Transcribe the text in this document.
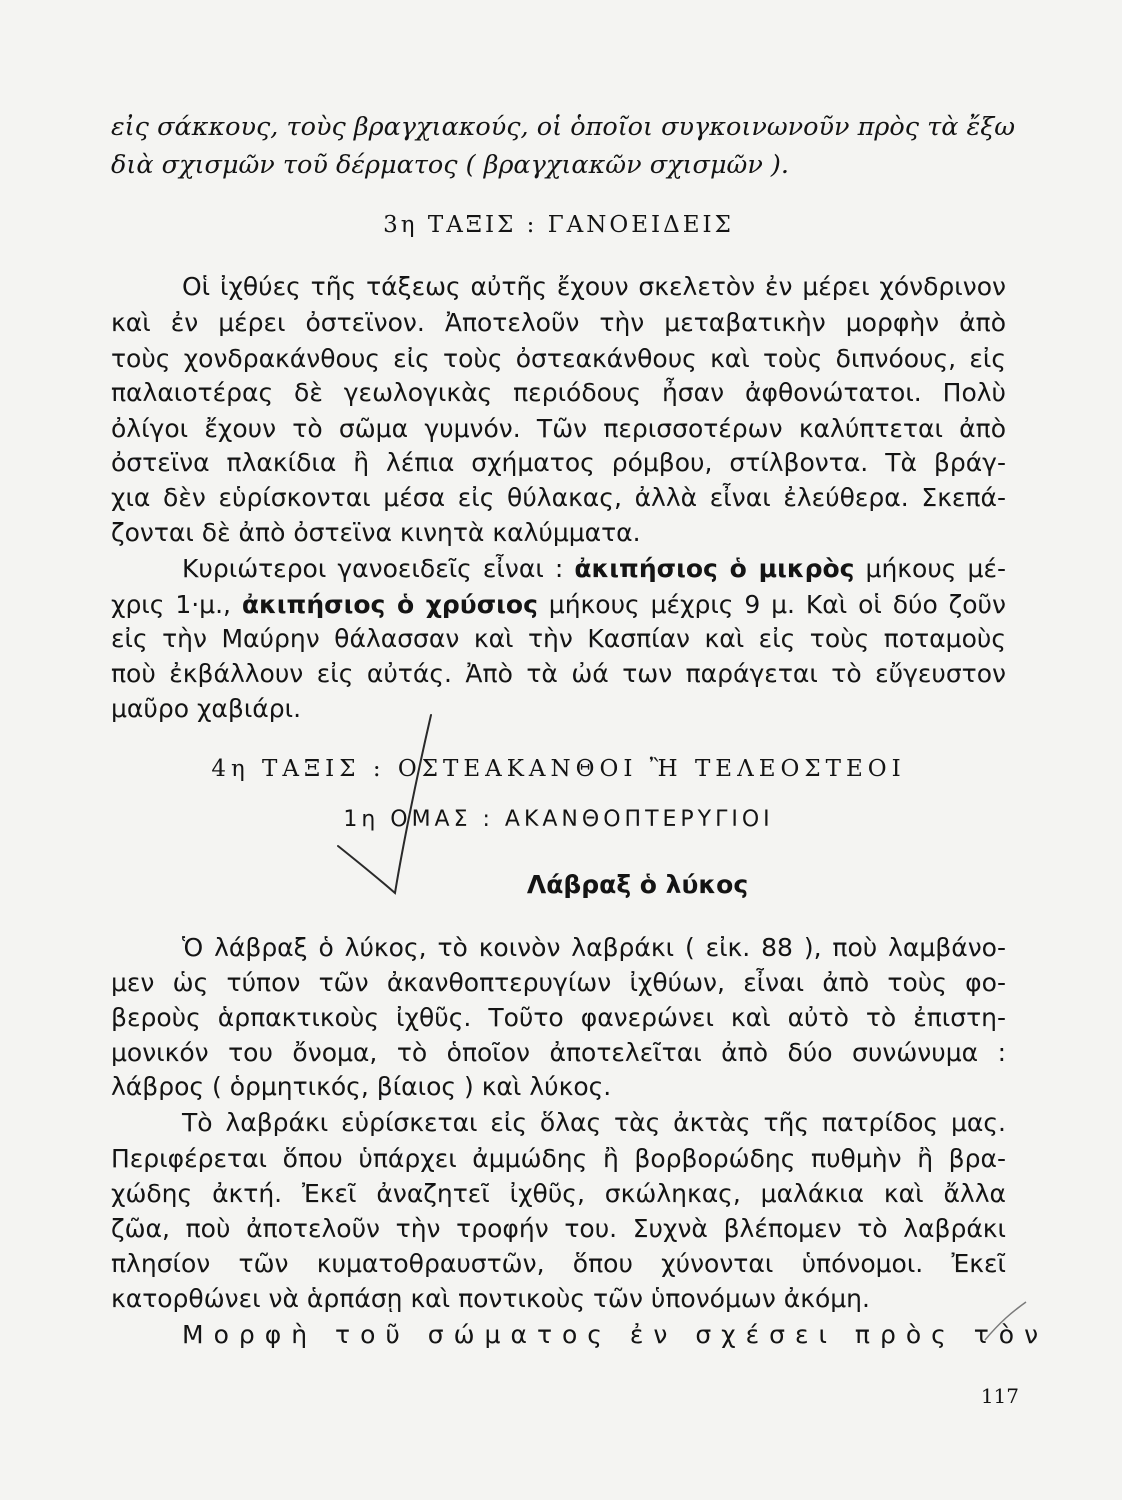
εἰς σάκκους, τοὺς βραγχιακούς, οἱ ὁποῖοι συγκοινωνοῦν πρὸς τὰ ἔξω
διὰ σχισμῶν τοῦ δέρματος ( βραγχιακῶν σχισμῶν ).
3η ΤΑΞΙΣ : ΓΑΝΟΕΙΔΕΙΣ
Οἱ ἰχθύες τῆς τάξεως αὐτῆς ἔχουν σκελετὸν ἐν μέρει χόνδρινον
καὶ ἐν μέρει ὀστεϊνον. Ἀποτελοῦν τὴν μεταβατικὴν μορφὴν ἀπὸ
τοὺς χονδρακάνθους εἰς τοὺς ὀστεακάνθους καὶ τοὺς διπνόους, εἰς
παλαιοτέρας δὲ γεωλογικὰς περιόδους ἦσαν ἀφθονώτατοι. Πολὺ
ὀλίγοι ἔχουν τὸ σῶμα γυμνόν. Τῶν περισσοτέρων καλύπτεται ἀπὸ
ὀστεϊνα πλακίδια ἢ λέπια σχήματος ρόμβου, στίλβοντα. Τὰ βράγ-
χια δὲν εὑρίσκονται μέσα εἰς θύλακας, ἀλλὰ εἶναι ἐλεύθερα. Σκεπά-
ζονται δὲ ἀπὸ ὀστεϊνα κινητὰ καλύμματα.
Κυριώτεροι γανοειδεῖς εἶναι : ἀκιπήσιος ὁ μικρὸς μήκους μέ-
χρις 1·μ., ἀκιπήσιος ὁ χρύσιος μήκους μέχρις 9 μ. Καὶ οἱ δύο ζοῦν
εἰς τὴν Μαύρην θάλασσαν καὶ τὴν Κασπίαν καὶ εἰς τοὺς ποταμοὺς
ποὺ ἐκβάλλουν εἰς αὐτάς. Ἀπὸ τὰ ὠά των παράγεται τὸ εὔγευστον
μαῦρο χαβιάρι.
4η ΤΑΞΙΣ : ΟΣΤΕΑΚΑΝΘΟΙ Ἢ ΤΕΛΕΟΣΤΕΟΙ
1η ΟΜΑΣ : ΑΚΑΝΘΟΠΤΕΡΥΓΙΟΙ
Λάβραξ ὁ λύκος
Ὁ λάβραξ ὁ λύκος, τὸ κοινὸν λαβράκι ( εἰκ. 88 ), ποὺ λαμβάνο-
μεν ὡς τύπον τῶν ἀκανθοπτερυγίων ἰχθύων, εἶναι ἀπὸ τοὺς φο-
βεροὺς ἁρπακτικοὺς ἰχθῦς. Τοῦτο φανερώνει καὶ αὐτὸ τὸ ἐπιστη-
μονικόν του ὄνομα, τὸ ὁποῖον ἀποτελεῖται ἀπὸ δύο συνώνυμα :
λάβρος ( ὁρμητικός, βίαιος ) καὶ λύκος.
Τὸ λαβράκι εὑρίσκεται εἰς ὅλας τὰς ἀκτὰς τῆς πατρίδος μας.
Περιφέρεται ὅπου ὑπάρχει ἀμμώδης ἢ βορβορώδης πυθμὴν ἢ βρα-
χώδης ἀκτή. Ἐκεῖ ἀναζητεῖ ἰχθῦς, σκώληκας, μαλάκια καὶ ἄλλα
ζῶα, ποὺ ἀποτελοῦν τὴν τροφήν του. Συχνὰ βλέπομεν τὸ λαβράκι
πλησίον τῶν κυματοθραυστῶν, ὅπου χύνονται ὑπόνομοι. Ἐκεῖ
κατορθώνει νὰ ἁρπάσῃ καὶ ποντικοὺς τῶν ὑπονόμων ἀκόμη.
Μορφὴ τοῦ σώματος ἐν σχέσει πρὸς τὸν
117
